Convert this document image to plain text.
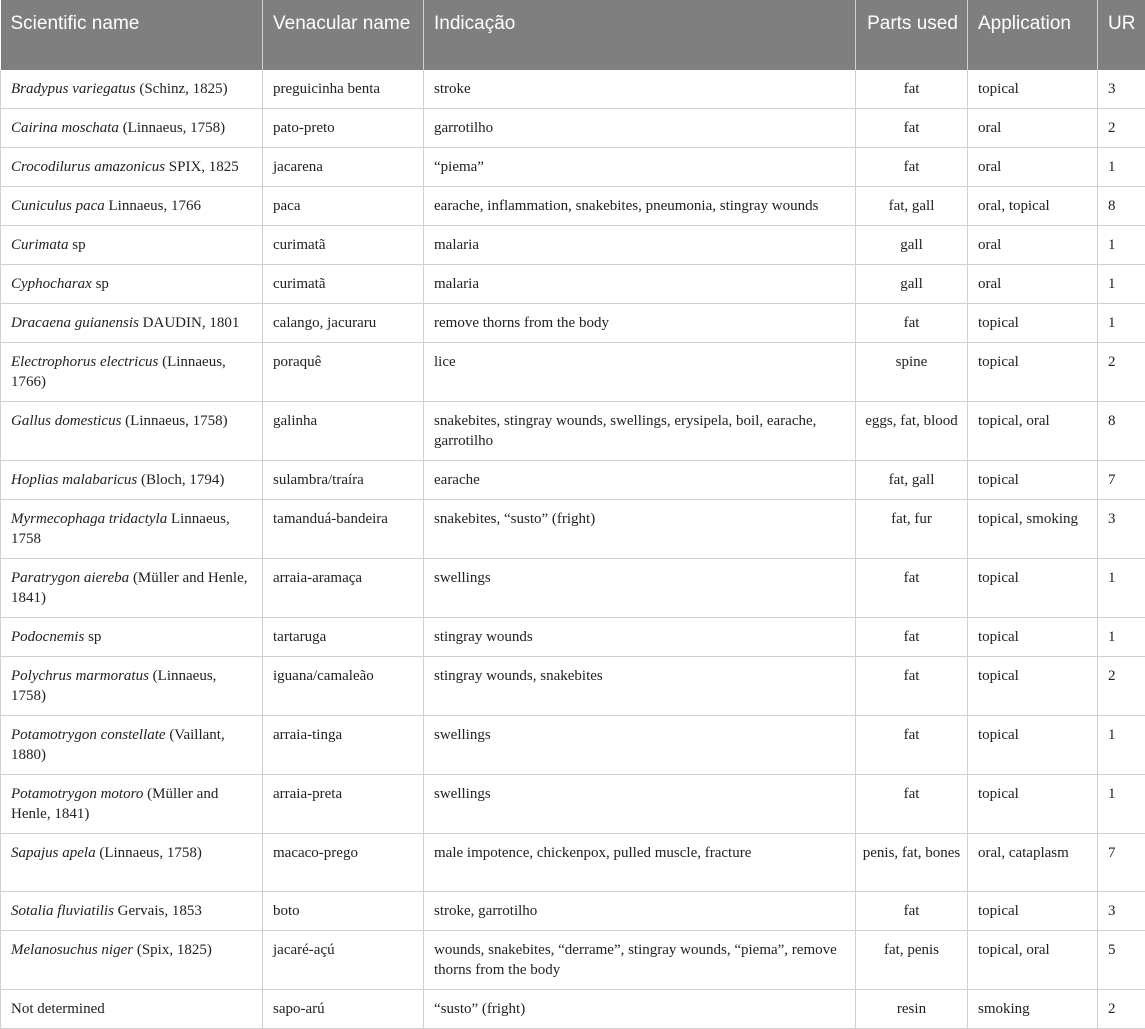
Scientific name	Venacular name	Indicação	Parts used	Application	UR
Bradypus variegatus (Schinz, 1825)	preguicinha benta	stroke	fat	topical	3
Cairina moschata (Linnaeus, 1758)	pato-preto	garrotilho	fat	oral	2
Crocodilurus amazonicus SPIX, 1825	jacarena	“piema”	fat	oral	1
Cuniculus paca Linnaeus, 1766	paca	earache, inflammation, snakebites, pneumonia, stingray wounds	fat, gall	oral, topical	8
Curimata sp	curimatã	malaria	gall	oral	1
Cyphocharax sp	curimatã	malaria	gall	oral	1
Dracaena guianensis DAUDIN, 1801	calango, jacuraru	remove thorns from the body	fat	topical	1
Electrophorus electricus (Linnaeus, 1766)	poraquê	lice	spine	topical	2
Gallus domesticus (Linnaeus, 1758)	galinha	snakebites, stingray wounds, swellings, erysipela, boil, earache, garrotilho	eggs, fat, blood	topical, oral	8
Hoplias malabaricus (Bloch, 1794)	sulambra/traíra	earache	fat, gall	topical	7
Myrmecophaga tridactyla Linnaeus, 1758	tamanduá-bandeira	snakebites, “susto” (fright)	fat, fur	topical, smoking	3
Paratrygon aiereba (Müller and Henle, 1841)	arraia-aramaça	swellings	fat	topical	1
Podocnemis sp	tartaruga	stingray wounds	fat	topical	1
Polychrus marmoratus (Linnaeus, 1758)	iguana/camaleão	stingray wounds, snakebites	fat	topical	2
Potamotrygon constellate (Vaillant, 1880)	arraia-tinga	swellings	fat	topical	1
Potamotrygon motoro (Müller and Henle, 1841)	arraia-preta	swellings	fat	topical	1
Sapajus apela (Linnaeus, 1758)	macaco-prego	male impotence, chickenpox, pulled muscle, fracture	penis, fat, bones	oral, cataplasm	7
Sotalia fluviatilis Gervais, 1853	boto	stroke, garrotilho	fat	topical	3
Melanosuchus niger (Spix, 1825)	jacaré-açú	wounds, snakebites, “derrame”, stingray wounds, “piema”, remove thorns from the body	fat, penis	topical, oral	5
Not determined	sapo-arú	“susto” (fright)	resin	smoking	2
